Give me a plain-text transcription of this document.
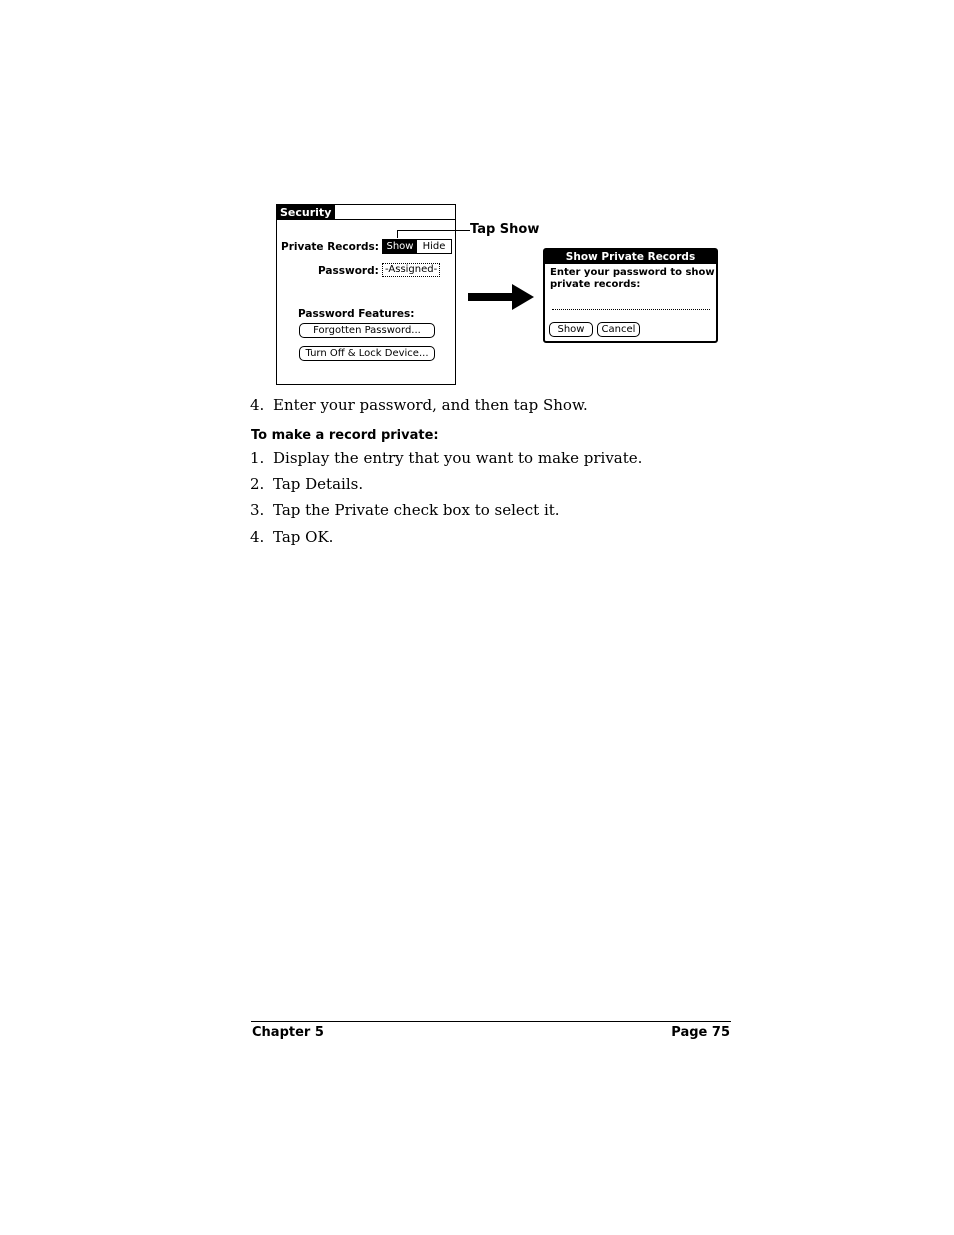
Security
Private Records: Show Hide
Password: -Assigned-
Password Features:
Forgotten Password...
Turn Off & Lock Device...
Tap Show
Show Private Records
Enter your password to show private records:
Show	Cancel
4. Enter your password, and then tap Show.
To make a record private:
1. Display the entry that you want to make private.
2. Tap Details.
3. Tap the Private check box to select it.
4. Tap OK.
Chapter 5	Page 75
